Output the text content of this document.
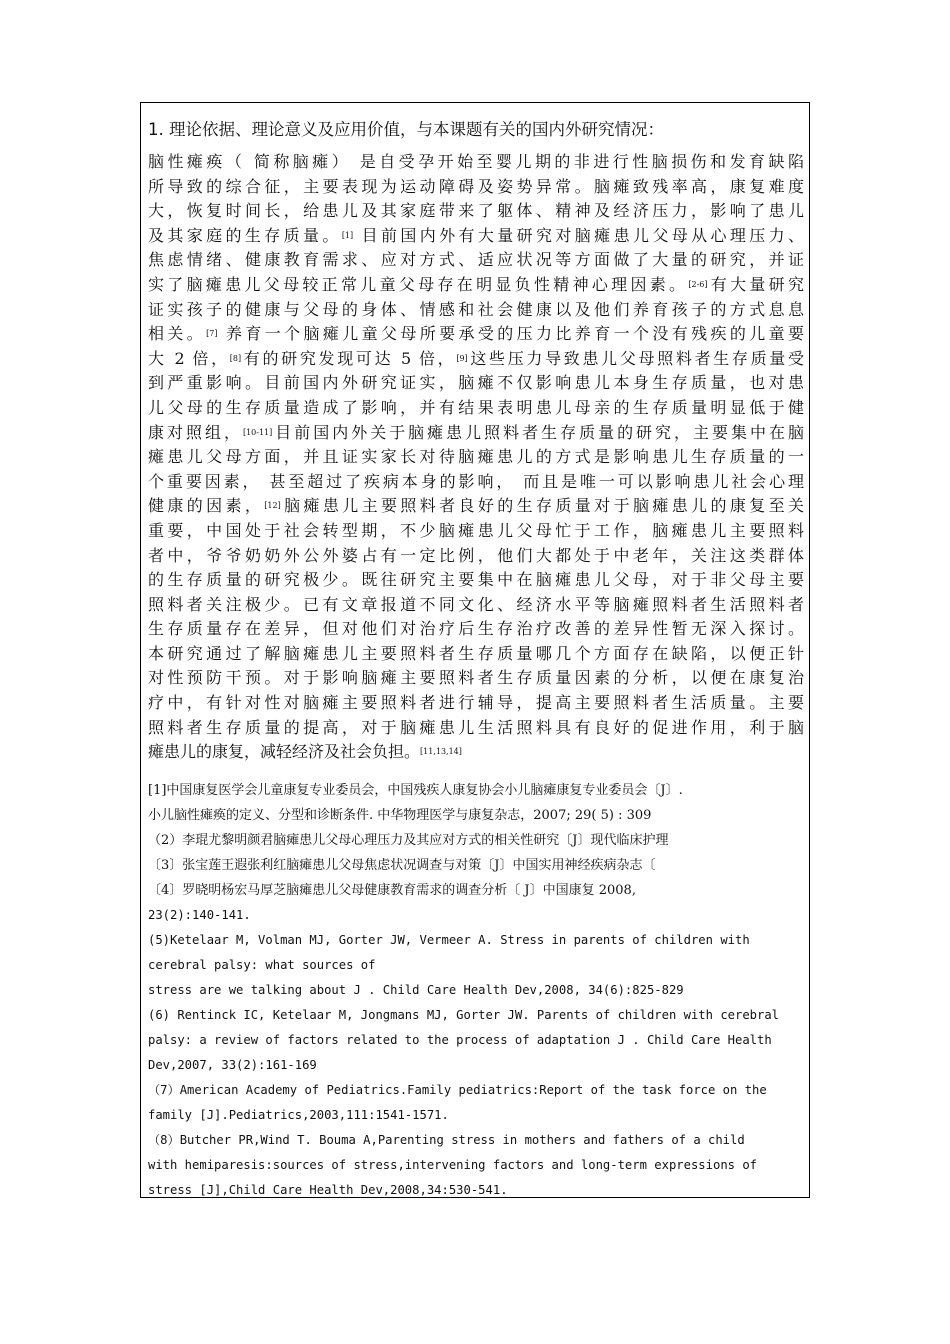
1. 理论依据、理论意义及应用价值，与本课题有关的国内外研究情况：
脑性瘫痪（ 简称脑瘫） 是自受孕开始至婴儿期的非进行性脑损伤和发育缺陷
所导致的综合征，主要表现为运动障碍及姿势异常。脑瘫致残率高，康复难度
大，恢复时间长，给患儿及其家庭带来了躯体、精神及经济压力，影响了患儿
及其家庭的生存质量。[1] 目前国内外有大量研究对脑瘫患儿父母从心理压力、
焦虑情绪、健康教育需求、应对方式、适应状况等方面做了大量的研究，并证
实了脑瘫患儿父母较正常儿童父母存在明显负性精神心理因素。[2-6]有大量研究
证实孩子的健康与父母的身体、情感和社会健康以及他们养育孩子的方式息息
相关。[7] 养育一个脑瘫儿童父母所要承受的压力比养育一个没有残疾的儿童要
大 2 倍，[8]有的研究发现可达 5 倍，[9]这些压力导致患儿父母照料者生存质量受
到严重影响。目前国内外研究证实，脑瘫不仅影响患儿本身生存质量，也对患
儿父母的生存质量造成了影响，并有结果表明患儿母亲的生存质量明显低于健
康对照组，[10-11]目前国内外关于脑瘫患儿照料者生存质量的研究，主要集中在脑
瘫患儿父母方面，并且证实家长对待脑瘫患儿的方式是影响患儿生存质量的一
个重要因素， 甚至超过了疾病本身的影响， 而且是唯一可以影响患儿社会心理
健康的因素，[12]脑瘫患儿主要照料者良好的生存质量对于脑瘫患儿的康复至关
重要，中国处于社会转型期，不少脑瘫患儿父母忙于工作，脑瘫患儿主要照料
者中，爷爷奶奶外公外婆占有一定比例，他们大都处于中老年，关注这类群体
的生存质量的研究极少。既往研究主要集中在脑瘫患儿父母，对于非父母主要
照料者关注极少。已有文章报道不同文化、经济水平等脑瘫照料者生活照料者
生存质量存在差异，但对他们对治疗后生存治疗改善的差异性暂无深入探讨。
本研究通过了解脑瘫患儿主要照料者生存质量哪几个方面存在缺陷，以便正针
对性预防干预。对于影响脑瘫主要照料者生存质量因素的分析，以便在康复治
疗中，有针对性对脑瘫主要照料者进行辅导，提高主要照料者生活质量。主要
照料者生存质量的提高，对于脑瘫患儿生活照料具有良好的促进作用，利于脑
瘫患儿的康复，减轻经济及社会负担。[11,13,14]
[1]中国康复医学会儿童康复专业委员会，中国残疾人康复协会小儿脑瘫康复专业委员会〔J〕.
小儿脑性瘫痪的定义、分型和诊断条件. 中华物理医学与康复杂志，2007; 29( 5) : 309
（2）李琨尤黎明颜君脑瘫患儿父母心理压力及其应对方式的相关性研究〔J〕现代临床护理
〔3〕张宝莲王遐张利红脑瘫患儿父母焦虑状况调查与对策〔J〕中国实用神经疾病杂志〔
〔4〕罗晓明杨宏马厚芝脑瘫患儿父母健康教育需求的调查分析〔 J〕中国康复 2008,
23(2):140-141.
(5)Ketelaar M, Volman MJ, Gorter JW, Vermeer A. Stress in parents of children with
cerebral palsy: what sources of
stress are we talking about J . Child Care Health Dev,2008, 34(6):825-829
(6) Rentinck IC, Ketelaar M, Jongmans MJ, Gorter JW. Parents of children with cerebral
palsy: a review of factors related to the process of adaptation J . Child Care Health
Dev,2007, 33(2):161-169
（7）American Academy of Pediatrics.Family pediatrics:Report of the task force on the
family [J].Pediatrics,2003,111:1541-1571.
（8）Butcher PR,Wind T. Bouma A,Parenting stress in mothers and fathers of a child
with hemiparesis:sources of stress,intervening factors and long-term expressions of
stress [J],Child Care Health Dev,2008,34:530-541.
